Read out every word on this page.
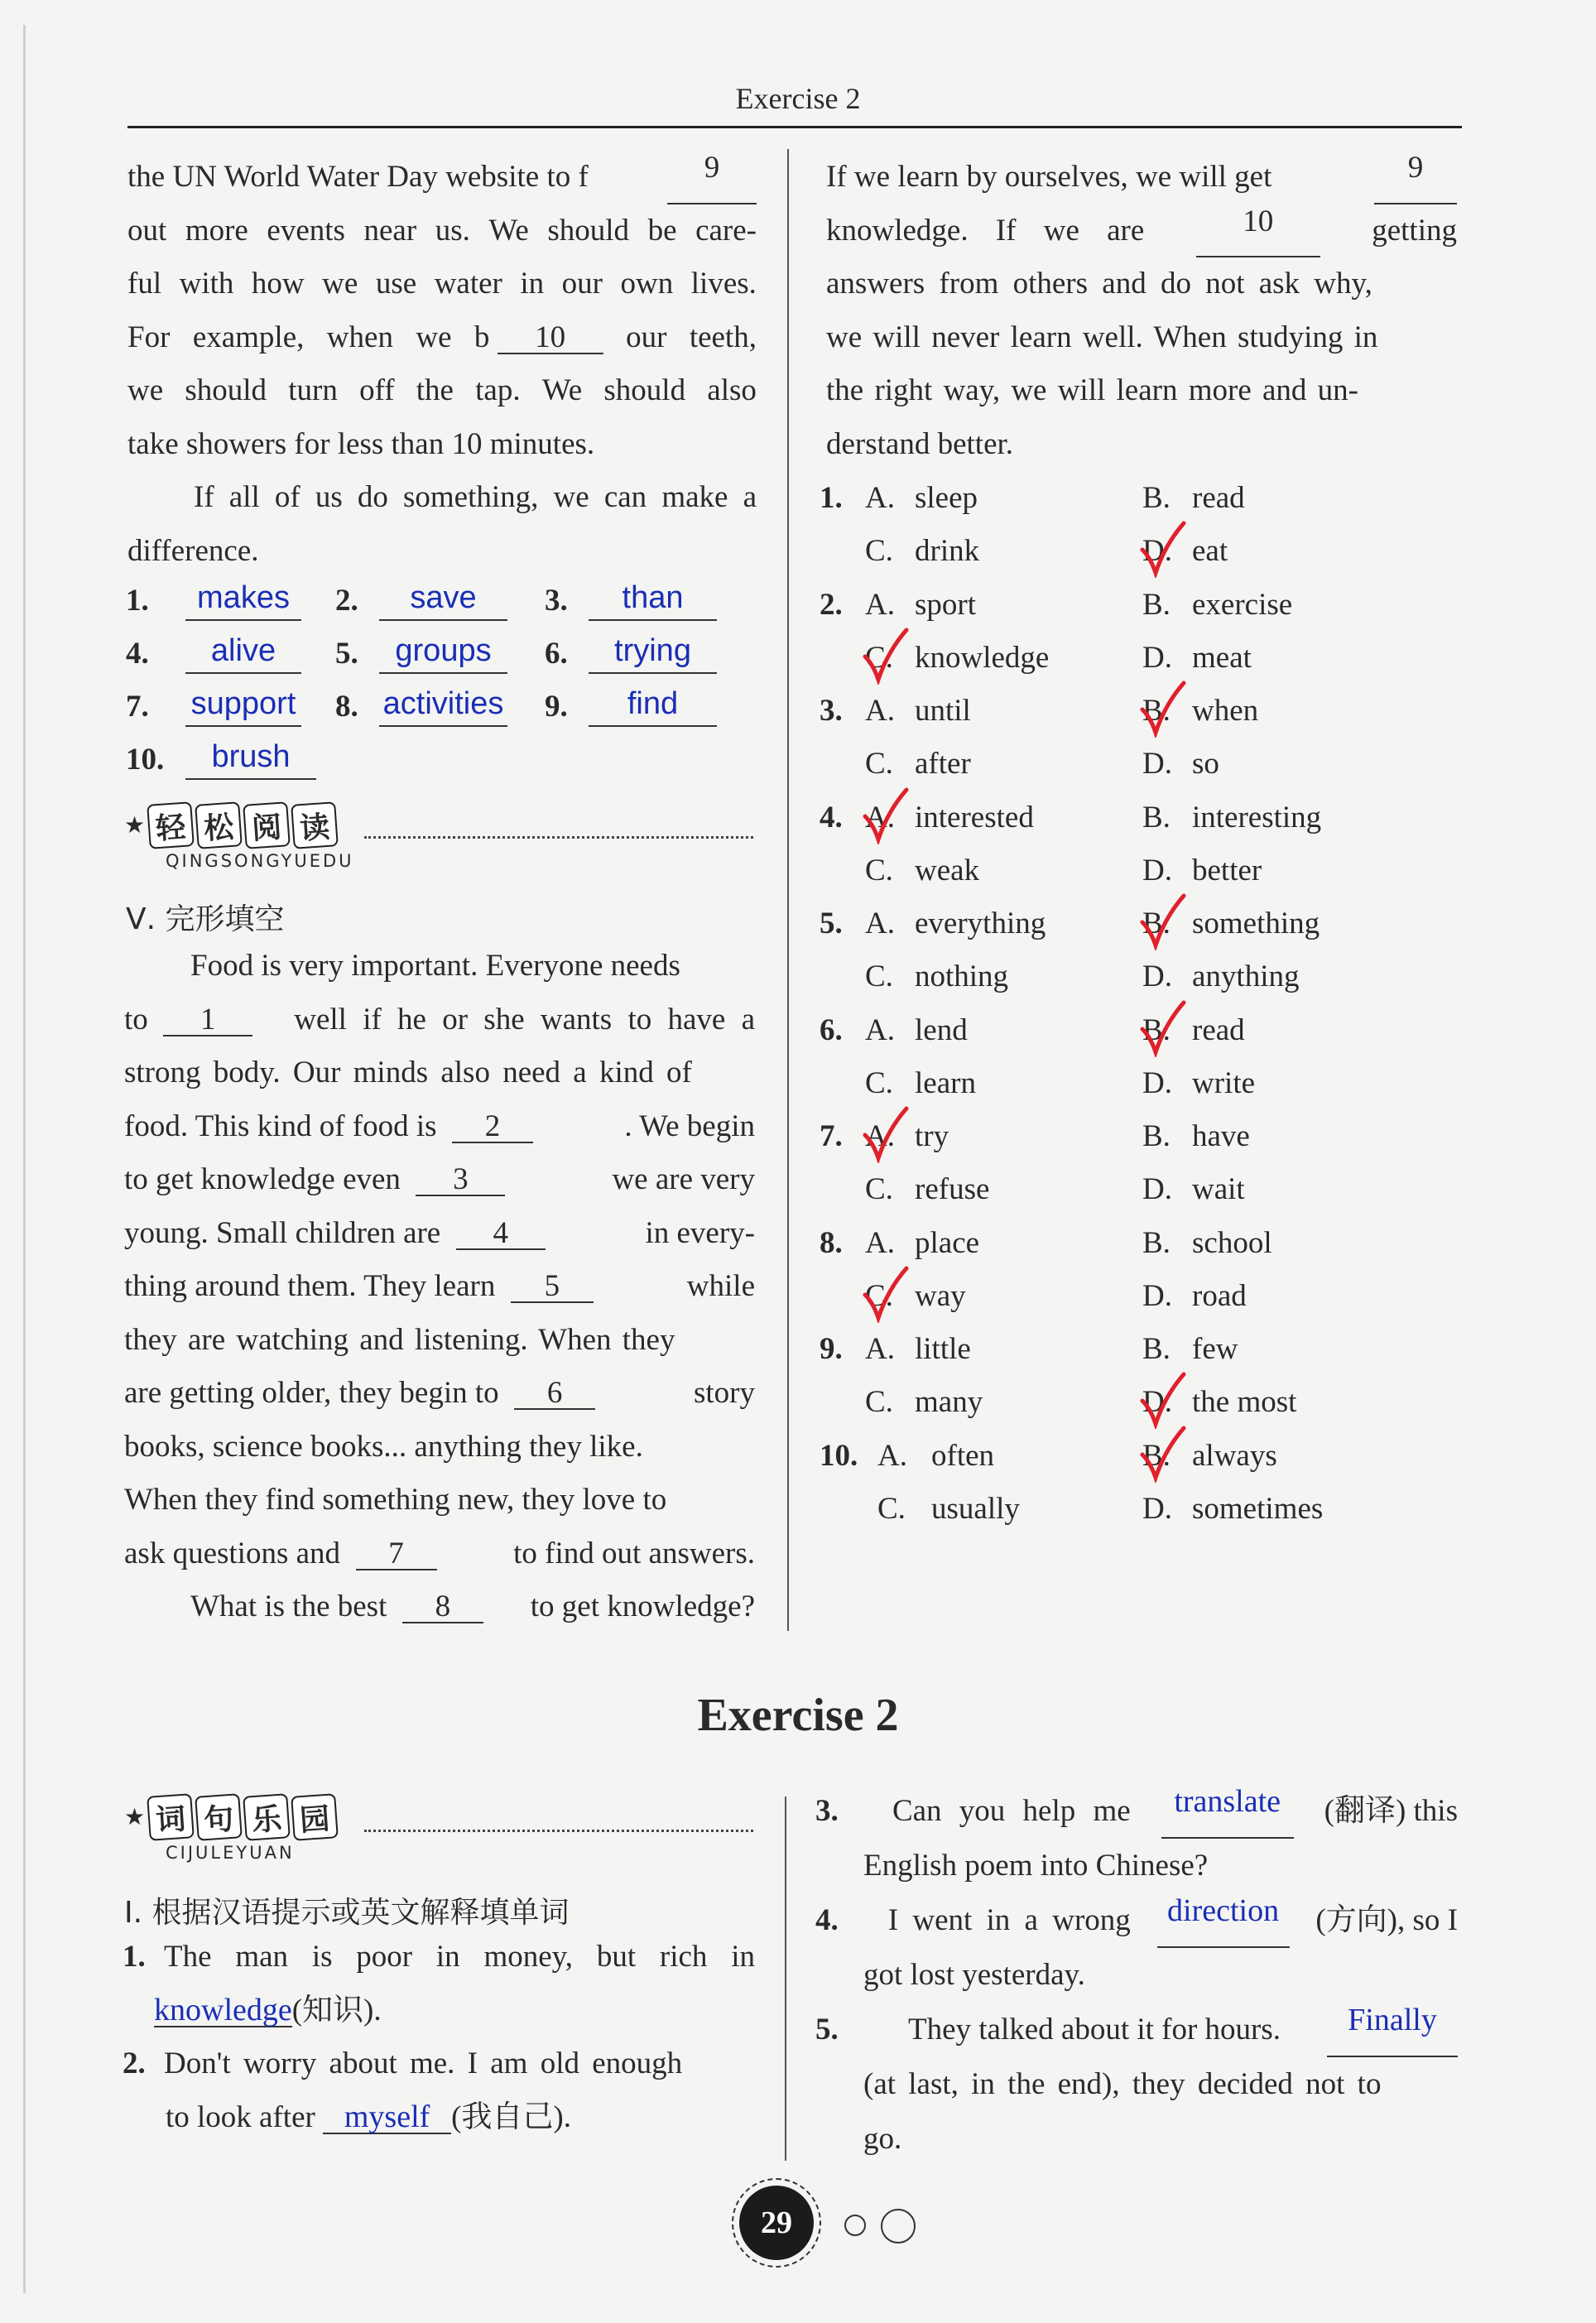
Exercise 2
the UN World Water Day website to f	9
out more events near us. We should be care-
ful with how we use water in our own lives.
For example, when we b 10	our teeth,
we should turn off the tap. We should also
take showers for less than 10 minutes.
If all of us do something, we can make a
difference.
1.	makes	2.	save	3.	than
4.	alive	5.	groups	6.	trying
7. support 8. activities 9.	find
10.	brush
★ 轻 松 阅 读
QINGSONGYUEDU
Ⅴ. 完形填空
Food is very important. Everyone needs
to 1	well if he or she wants to have a
strong body. Our minds also need a kind of
food. This kind of food is 2	. We begin
to get knowledge even 3	we are very
young. Small children are 4	in every-
thing around them. They learn 5	while
they are watching and listening. When they
are getting older, they begin to 6	story
books, science books... anything they like.
When they find something new, they love to
ask questions and 7	to find out answers.
What is the best 8	to get knowledge?
If we learn by ourselves, we will get	9
knowledge. If we are	10	getting
answers from others and do not ask why,
we will never learn well. When studying in
the right way, we will learn more and un-
derstand better.
1. A. sleep	B. read
C. drink	D. eat
2. A. sport	B. exercise
C. knowledge	D. meat
3. A. until	B. when
C. after	D. so
4. A. interested	B. interesting
C. weak	D. better
5. A. everything	B. something
C. nothing	D. anything
6. A. lend	B. read
C. learn	D. write
7. A. try	B. have
C. refuse	D. wait
8. A. place	B. school
C. way	D. road
9. A. little	B. few
C. many	D. the most
10. A. often	B. always
C. usually	D. sometimes
Exercise 2
★ 词 句 乐 园
CIJULEYUAN
Ⅰ. 根据汉语提示或英文解释填单词
1. The man is poor in money, but rich in
knowledge(知识).
2. Don't worry about me. I am old enough
to look after myself (我自己).
3.	Can you help me	translate	(翻译) this
English poem into Chinese?
4.	I went in a wrong	direction	(方向), so I
got lost yesterday.
5.	They talked about it for hours.	Finally
(at last, in the end), they decided not to
go.
29
